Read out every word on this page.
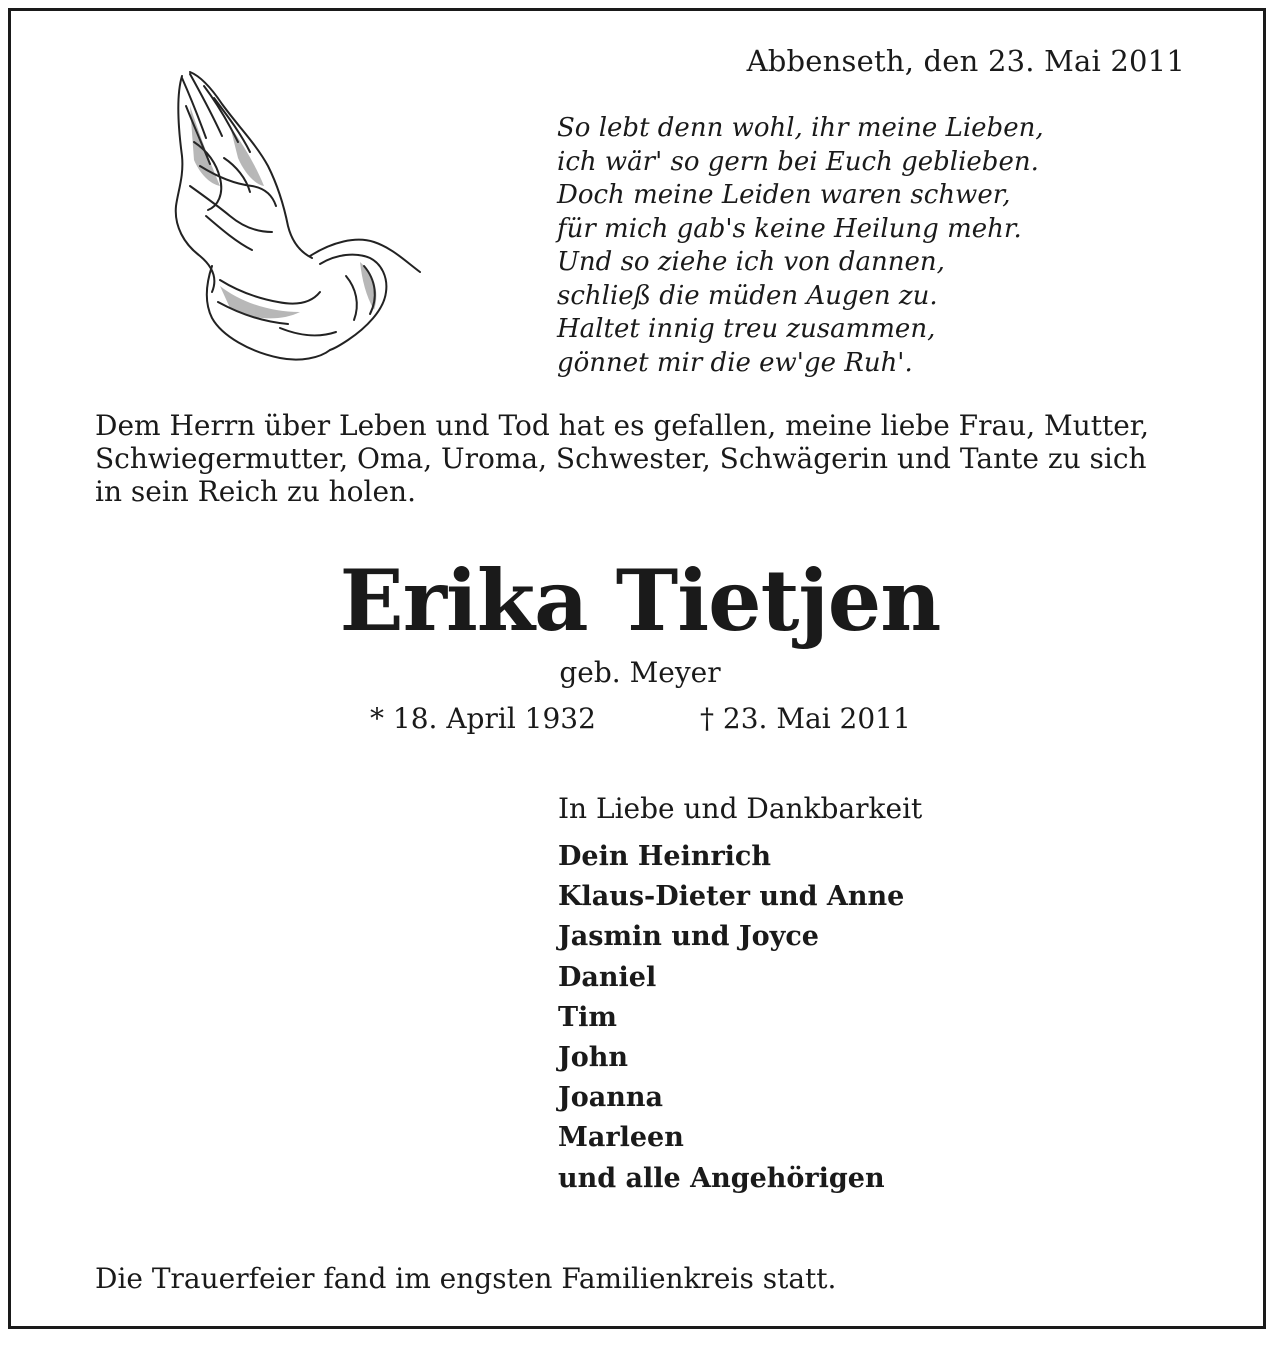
Abbenseth, den 23. Mai 2011
So lebt denn wohl, ihr meine Lieben,
ich wär' so gern bei Euch geblieben.
Doch meine Leiden waren schwer,
für mich gab's keine Heilung mehr.
Und so ziehe ich von dannen,
schließ die müden Augen zu.
Haltet innig treu zusammen,
gönnet mir die ew'ge Ruh'.
Dem Herrn über Leben und Tod hat es gefallen, meine liebe Frau, Mutter,
Schwiegermutter, Oma, Uroma, Schwester, Schwägerin und Tante zu sich
in sein Reich zu holen.
Erika Tietjen
geb. Meyer
* 18. April 1932	† 23. Mai 2011
In Liebe und Dankbarkeit
Dein Heinrich
Klaus-Dieter und Anne
Jasmin und Joyce
Daniel
Tim
John
Joanna
Marleen
und alle Angehörigen
Die Trauerfeier fand im engsten Familienkreis statt.
